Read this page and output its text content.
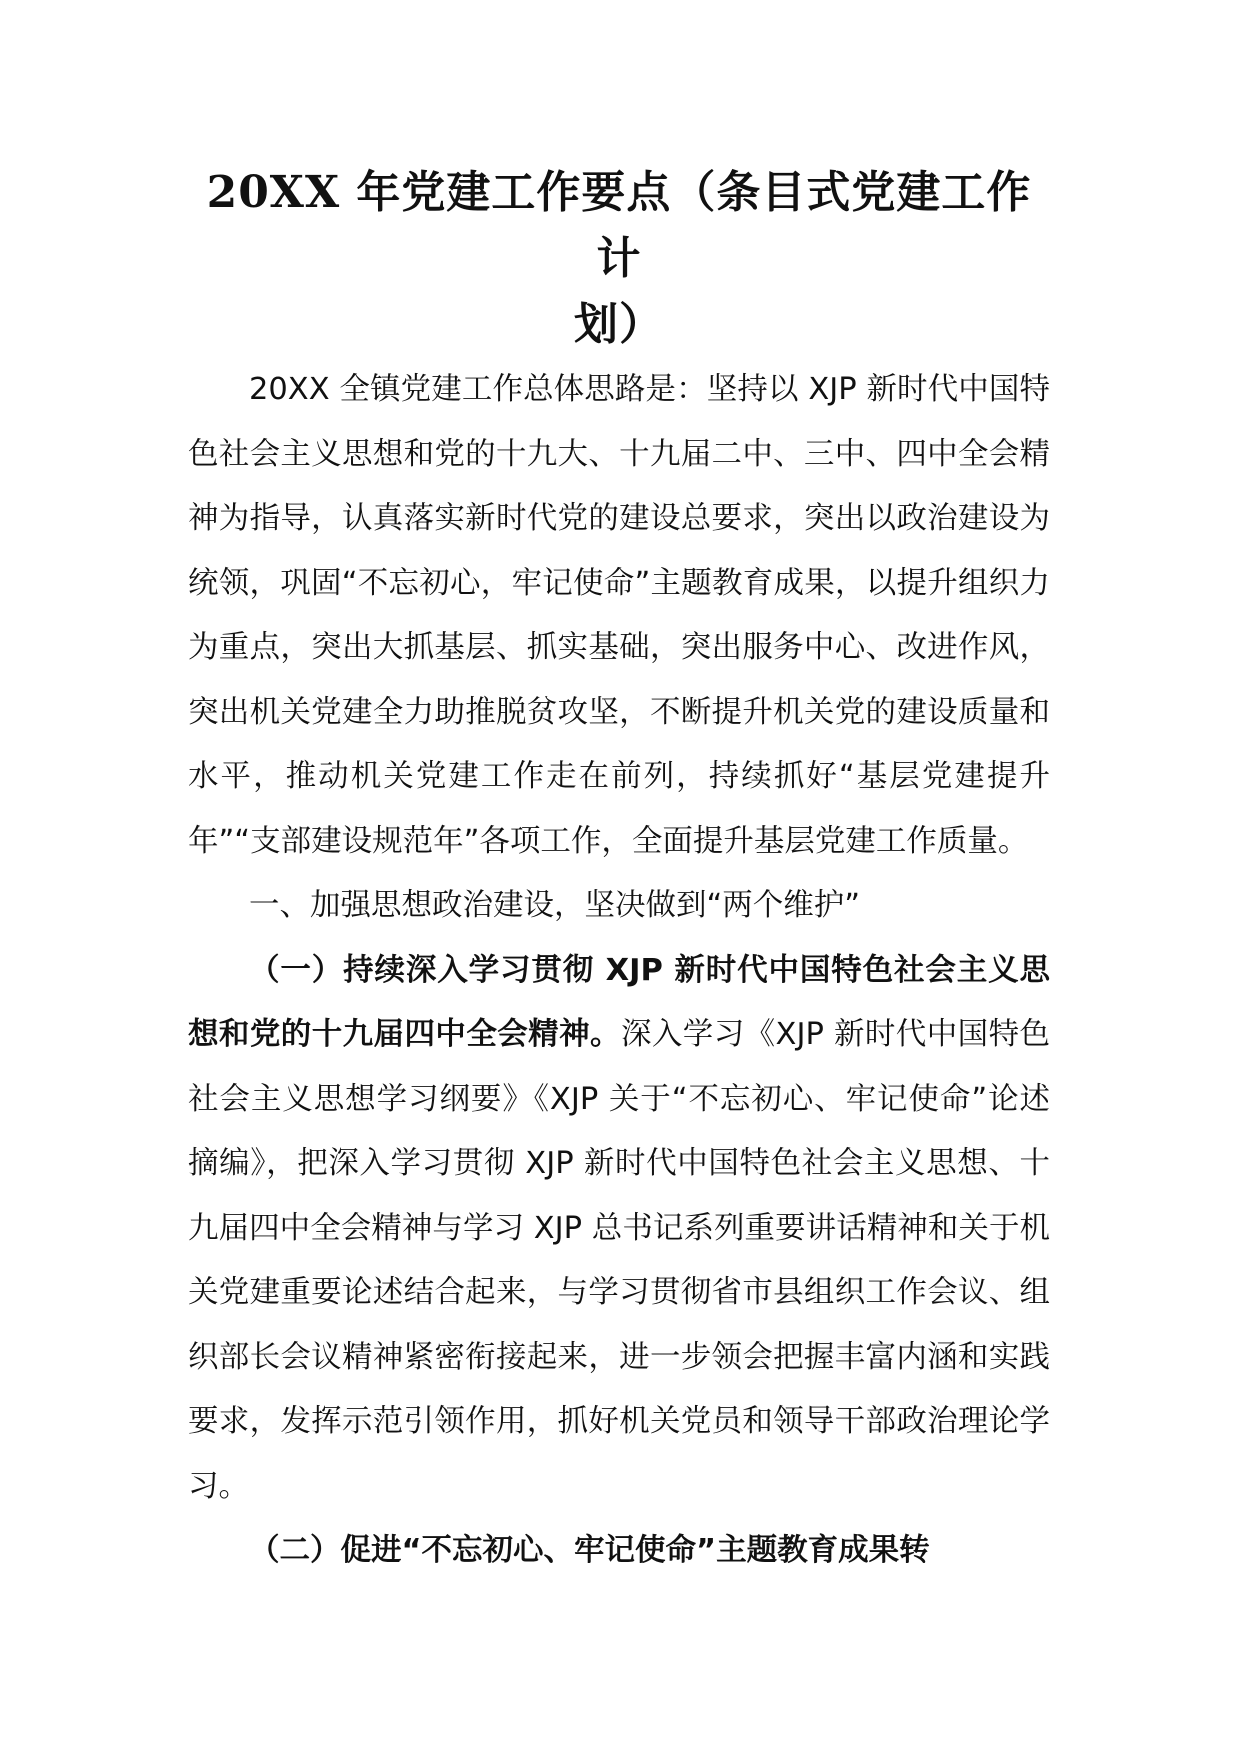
20XX 年党建工作要点（条目式党建工作计
划）

20XX 全镇党建工作总体思路是：坚持以 XJP 新时代中国特色社会主义思想和党的十九大、十九届二中、三中、四中全会精神为指导，认真落实新时代党的建设总要求，突出以政治建设为统领，巩固“不忘初心，牢记使命”主题教育成果，以提升组织力为重点，突出大抓基层、抓实基础，突出服务中心、改进作风，突出机关党建全力助推脱贫攻坚，不断提升机关党的建设质量和水平，推动机关党建工作走在前列，持续抓好“基层党建提升年”“支部建设规范年”各项工作，全面提升基层党建工作质量。

一、加强思想政治建设，坚决做到“两个维护”

（一）持续深入学习贯彻 XJP 新时代中国特色社会主义思想和党的十九届四中全会精神。深入学习《XJP 新时代中国特色社会主义思想学习纲要》《XJP 关于“不忘初心、牢记使命”论述摘编》，把深入学习贯彻 XJP 新时代中国特色社会主义思想、十九届四中全会精神与学习 XJP 总书记系列重要讲话精神和关于机关党建重要论述结合起来，与学习贯彻省市县组织工作会议、组织部长会议精神紧密衔接起来，进一步领会把握丰富内涵和实践要求，发挥示范引领作用，抓好机关党员和领导干部政治理论学习。

（二）促进“不忘初心、牢记使命”主题教育成果转
